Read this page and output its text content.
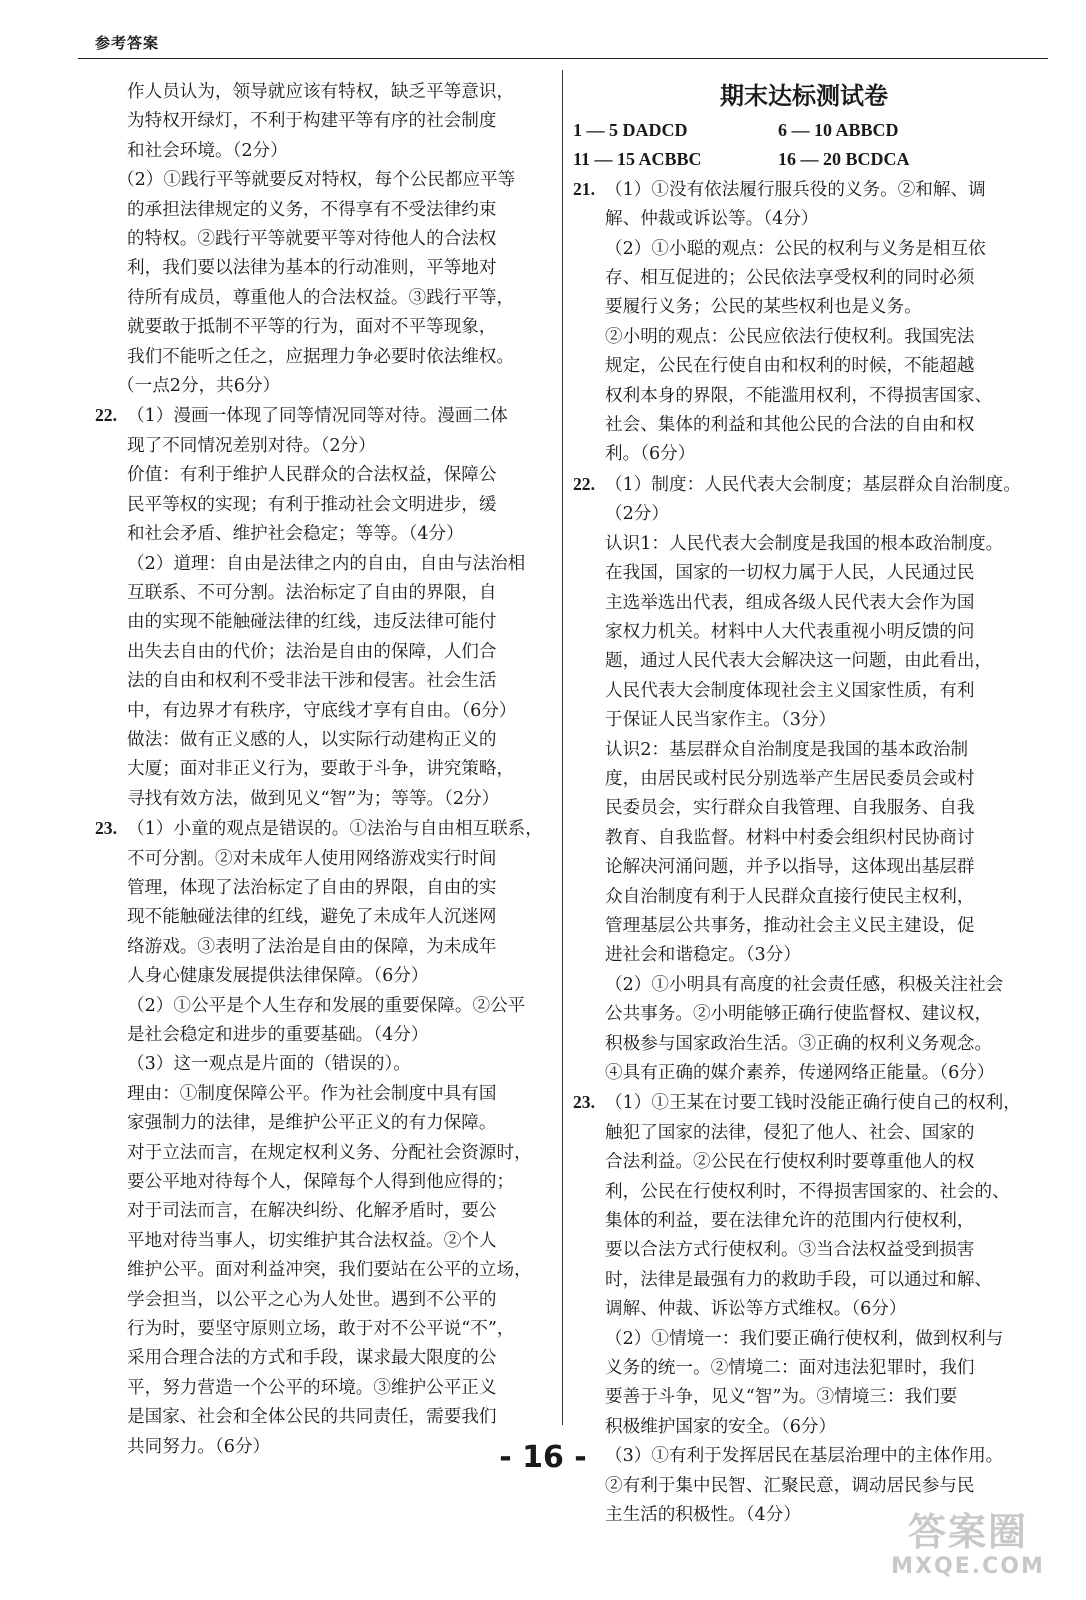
参考答案
作人员认为，领导就应该有特权，缺乏平等意识，
为特权开绿灯，不利于构建平等有序的社会制度
和社会环境。（2分）
（2）①践行平等就要反对特权，每个公民都应平等
的承担法律规定的义务，不得享有不受法律约束
的特权。②践行平等就要平等对待他人的合法权
利，我们要以法律为基本的行动准则，平等地对
待所有成员，尊重他人的合法权益。③践行平等，
就要敢于抵制不平等的行为，面对不平等现象，
我们不能听之任之，应据理力争必要时依法维权。
（一点2分，共6分）
22. （1）漫画一体现了同等情况同等对待。漫画二体
现了不同情况差别对待。（2分）
价值：有利于维护人民群众的合法权益，保障公
民平等权的实现；有利于推动社会文明进步，缓
和社会矛盾、维护社会稳定；等等。（4分）
（2）道理：自由是法律之内的自由，自由与法治相
互联系、不可分割。法治标定了自由的界限，自
由的实现不能触碰法律的红线，违反法律可能付
出失去自由的代价；法治是自由的保障，人们合
法的自由和权利不受非法干涉和侵害。社会生活
中，有边界才有秩序，守底线才享有自由。（6分）
做法：做有正义感的人，以实际行动建构正义的
大厦；面对非正义行为，要敢于斗争，讲究策略，
寻找有效方法，做到见义“智”为；等等。（2分）
23. （1）小童的观点是错误的。①法治与自由相互联系，
不可分割。②对未成年人使用网络游戏实行时间
管理，体现了法治标定了自由的界限，自由的实
现不能触碰法律的红线，避免了未成年人沉迷网
络游戏。③表明了法治是自由的保障，为未成年
人身心健康发展提供法律保障。（6分）
（2）①公平是个人生存和发展的重要保障。②公平
是社会稳定和进步的重要基础。（4分）
（3）这一观点是片面的（错误的）。
理由：①制度保障公平。作为社会制度中具有国
家强制力的法律，是维护公平正义的有力保障。
对于立法而言，在规定权利义务、分配社会资源时，
要公平地对待每个人，保障每个人得到他应得的；
对于司法而言，在解决纠纷、化解矛盾时，要公
平地对待当事人，切实维护其合法权益。②个人
维护公平。面对利益冲突，我们要站在公平的立场，
学会担当，以公平之心为人处世。遇到不公平的
行为时，要坚守原则立场，敢于对不公平说“不”，
采用合理合法的方式和手段，谋求最大限度的公
平，努力营造一个公平的环境。③维护公平正义
是国家、社会和全体公民的共同责任，需要我们
共同努力。（6分）
期末达标测试卷
1 — 5 DADCD	6 — 10 ABBCD
11 — 15 ACBBC	16 — 20 BCDCA
21. （1）①没有依法履行服兵役的义务。②和解、调
解、仲裁或诉讼等。（4分）
（2）①小聪的观点：公民的权利与义务是相互依
存、相互促进的；公民依法享受权利的同时必须
要履行义务；公民的某些权利也是义务。
②小明的观点：公民应依法行使权利。我国宪法
规定，公民在行使自由和权利的时候，不能超越
权利本身的界限，不能滥用权利，不得损害国家、
社会、集体的利益和其他公民的合法的自由和权
利。（6分）
22. （1）制度：人民代表大会制度；基层群众自治制度。
（2分）
认识1：人民代表大会制度是我国的根本政治制度。
在我国，国家的一切权力属于人民，人民通过民
主选举选出代表，组成各级人民代表大会作为国
家权力机关。材料中人大代表重视小明反馈的问
题，通过人民代表大会解决这一问题，由此看出，
人民代表大会制度体现社会主义国家性质，有利
于保证人民当家作主。（3分）
认识2：基层群众自治制度是我国的基本政治制
度，由居民或村民分别选举产生居民委员会或村
民委员会，实行群众自我管理、自我服务、自我
教育、自我监督。材料中村委会组织村民协商讨
论解决河涌问题，并予以指导，这体现出基层群
众自治制度有利于人民群众直接行使民主权利，
管理基层公共事务，推动社会主义民主建设，促
进社会和谐稳定。（3分）
（2）①小明具有高度的社会责任感，积极关注社会
公共事务。②小明能够正确行使监督权、建议权，
积极参与国家政治生活。③正确的权利义务观念。
④具有正确的媒介素养，传递网络正能量。（6分）
23. （1）①王某在讨要工钱时没能正确行使自己的权利，
触犯了国家的法律，侵犯了他人、社会、国家的
合法利益。②公民在行使权利时要尊重他人的权
利，公民在行使权利时，不得损害国家的、社会的、
集体的利益，要在法律允许的范围内行使权利，
要以合法方式行使权利。③当合法权益受到损害
时，法律是最强有力的救助手段，可以通过和解、
调解、仲裁、诉讼等方式维权。（6分）
（2）①情境一：我们要正确行使权利，做到权利与
义务的统一。②情境二：面对违法犯罪时，我们
要善于斗争，见义“智”为。③情境三：我们要
积极维护国家的安全。（6分）
（3）①有利于发挥居民在基层治理中的主体作用。
②有利于集中民智、汇聚民意，调动居民参与民
主生活的积极性。（4分）
- 16 -
答案圈
MXQE.COM
